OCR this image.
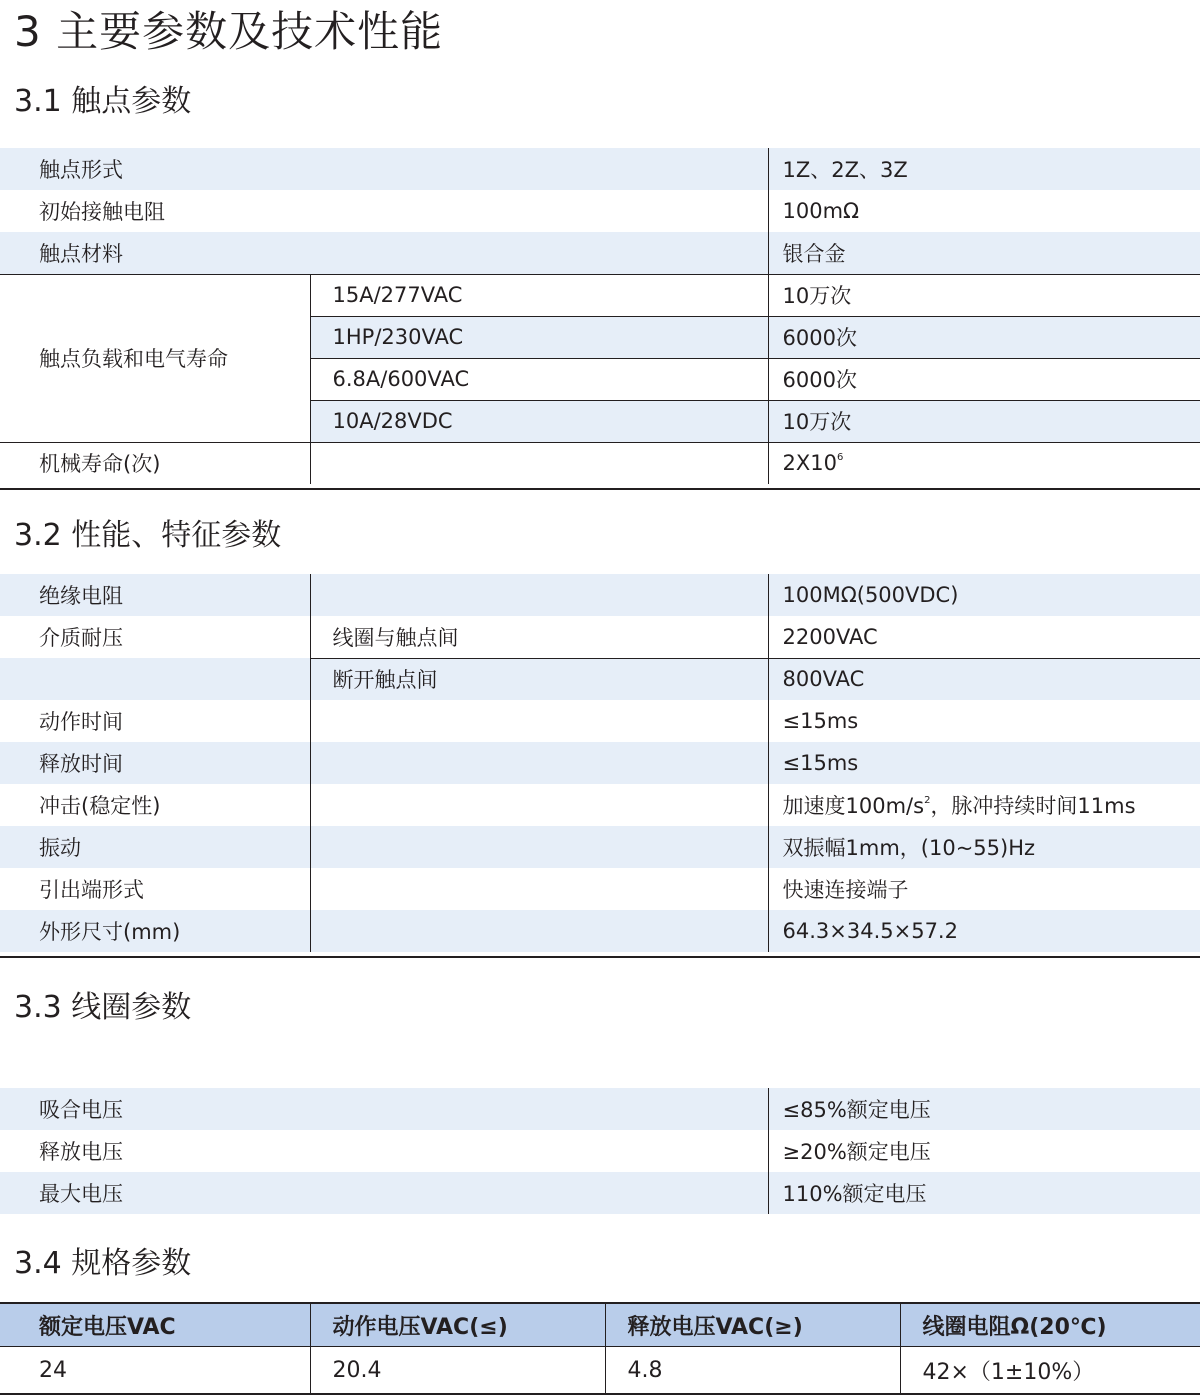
3 主要参数及技术性能
3.1 触点参数
触点形式		1Z、2Z、3Z
初始接触电阻		100mΩ
触点材料		银合金
触点负载和电气寿命	15A/277VAC	10万次
	1HP/230VAC	6000次
	6.8A/600VAC	6000次
	10A/28VDC	10万次
机械寿命(次)		$2X10^6$
3.2 性能、特征参数
绝缘电阻		100MΩ(500VDC)
介质耐压	线圈与触点间	2200VAC
	断开触点间	800VAC
动作时间		≤15ms
释放时间		≤15ms
冲击(稳定性)		加速度$100m/s^2$，脉冲持续时间11ms
振动		双振幅1mm，(10~55)Hz
引出端形式		快速连接端子
外形尺寸(mm)		64.3×34.5×57.2
3.3 线圈参数
吸合电压	≤85%额定电压
释放电压	≥20%额定电压
最大电压	110%额定电压
3.4 规格参数
额定电压VAC	动作电压VAC(≤)	释放电压VAC(≥)	线圈电阻Ω(20℃)
24	20.4	4.8	42×（1±10%）
